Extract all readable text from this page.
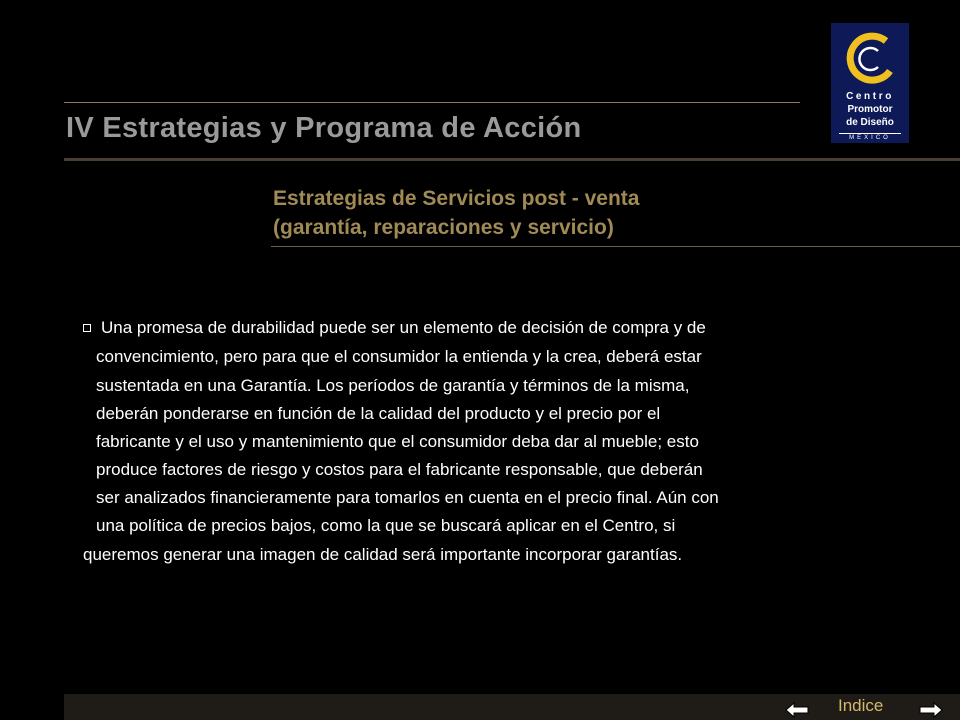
IV Estrategias y Programa de Acción
Centro
Promotor
de Diseño
MEXICO
Estrategias de Servicios post - venta
(garantía, reparaciones y servicio)
Una promesa de durabilidad puede ser un elemento de decisión de compra y de
convencimiento, pero para que el consumidor la entienda y la crea, deberá estar
sustentada en una Garantía. Los períodos de garantía y términos de la misma,
deberán ponderarse en función de la calidad del producto y el precio por el
fabricante y el uso y mantenimiento que el consumidor deba dar al mueble; esto
produce factores de riesgo y costos para el fabricante responsable, que deberán
ser analizados financieramente para tomarlos en cuenta en el precio final. Aún con
una política de precios bajos, como la que se buscará aplicar en el Centro, si
queremos generar una imagen de calidad será importante incorporar garantías.
Indice
